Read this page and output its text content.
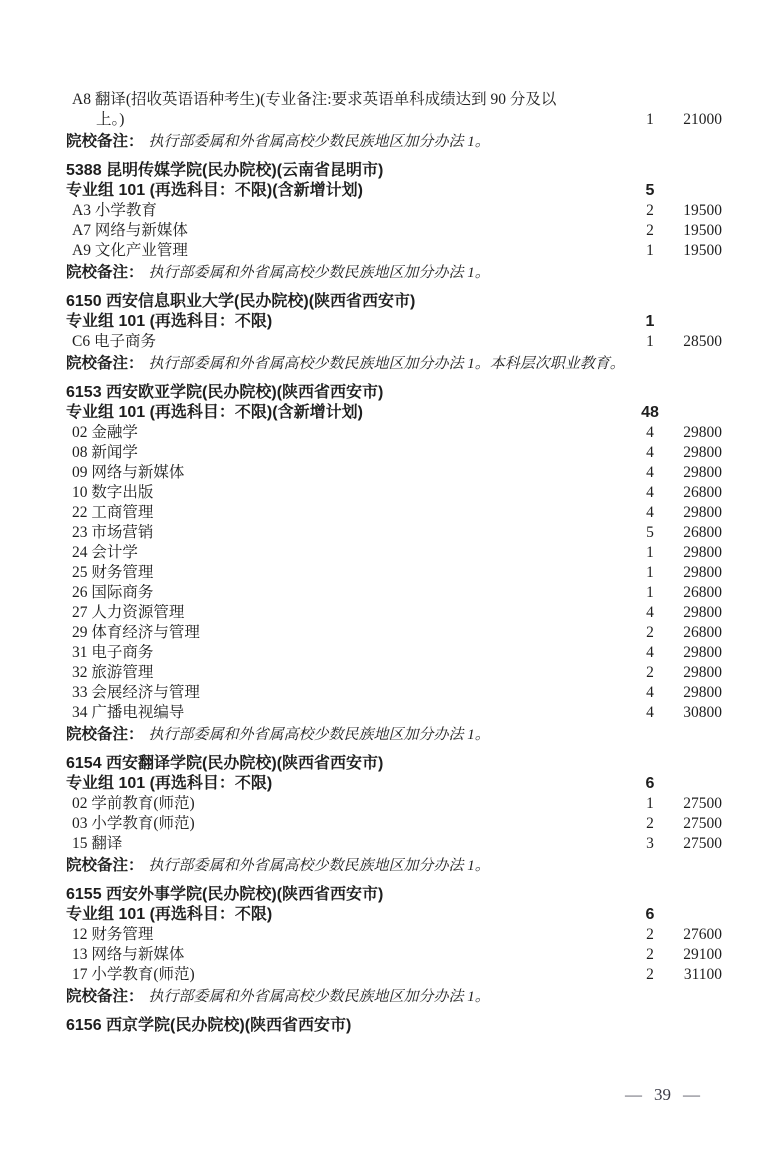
A8 翻译(招收英语语种考生)(专业备注:要求英语单科成绩达到 90 分及以
上。)	1	21000
院校备注： 执行部委属和外省属高校少数民族地区加分办法 1。
5388 昆明传媒学院(民办院校)(云南省昆明市)
专业组 101 (再选科目：不限)(含新增计划)	5
A3 小学教育	2	19500
A7 网络与新媒体	2	19500
A9 文化产业管理	1	19500
院校备注： 执行部委属和外省属高校少数民族地区加分办法 1。
6150 西安信息职业大学(民办院校)(陕西省西安市)
专业组 101 (再选科目：不限)	1
C6 电子商务	1	28500
院校备注： 执行部委属和外省属高校少数民族地区加分办法 1。本科层次职业教育。
6153 西安欧亚学院(民办院校)(陕西省西安市)
专业组 101 (再选科目：不限)(含新增计划)	48
02 金融学	4	29800
08 新闻学	4	29800
09 网络与新媒体	4	29800
10 数字出版	4	26800
22 工商管理	4	29800
23 市场营销	5	26800
24 会计学	1	29800
25 财务管理	1	29800
26 国际商务	1	26800
27 人力资源管理	4	29800
29 体育经济与管理	2	26800
31 电子商务	4	29800
32 旅游管理	2	29800
33 会展经济与管理	4	29800
34 广播电视编导	4	30800
院校备注： 执行部委属和外省属高校少数民族地区加分办法 1。
6154 西安翻译学院(民办院校)(陕西省西安市)
专业组 101 (再选科目：不限)	6
02 学前教育(师范)	1	27500
03 小学教育(师范)	2	27500
15 翻译	3	27500
院校备注： 执行部委属和外省属高校少数民族地区加分办法 1。
6155 西安外事学院(民办院校)(陕西省西安市)
专业组 101 (再选科目：不限)	6
12 财务管理	2	27600
13 网络与新媒体	2	29100
17 小学教育(师范)	2	31100
院校备注： 执行部委属和外省属高校少数民族地区加分办法 1。
6156 西京学院(民办院校)(陕西省西安市)
— 39 —
